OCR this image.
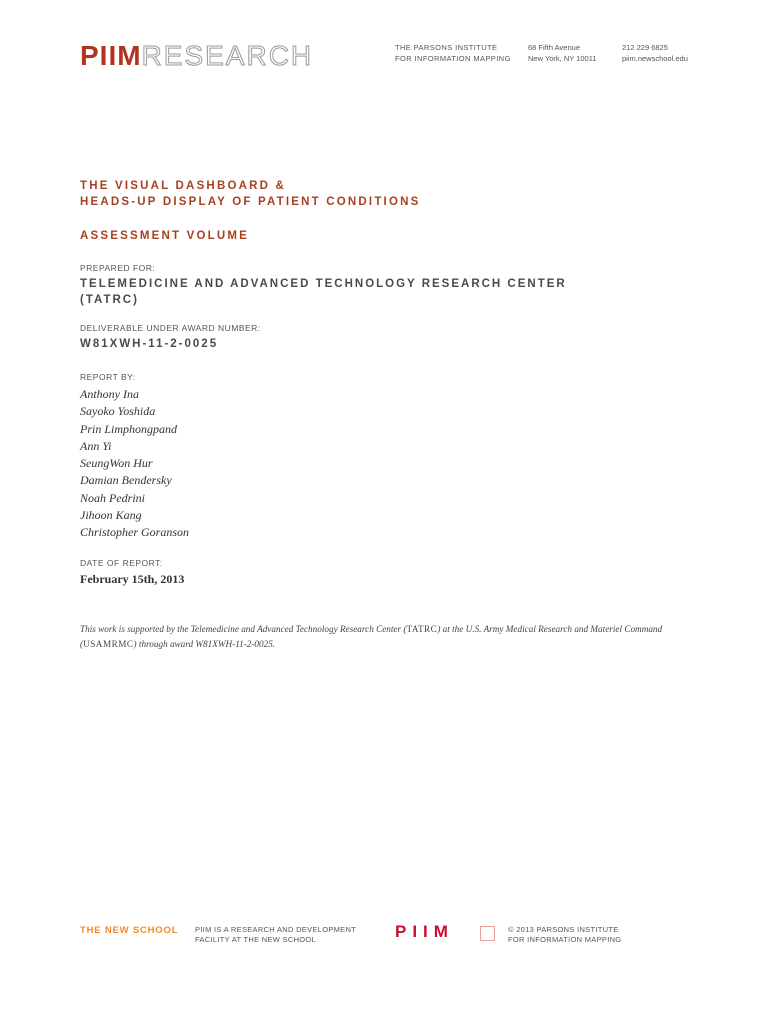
PIIMRESEARCH	THE PARSONS INSTITUTE
FOR INFORMATION MAPPING
68 Fifth Avenue
New York, NY 10011
212 229 6825
piim.newschool.edu
THE VISUAL DASHBOARD &
HEADS-UP DISPLAY OF PATIENT CONDITIONS
ASSESSMENT VOLUME
PREPARED FOR:
TELEMEDICINE AND ADVANCED TECHNOLOGY RESEARCH CENTER
(TATRC)
DELIVERABLE UNDER AWARD NUMBER:
W81XWH-11-2-0025
REPORT BY:
Anthony Ina
Sayoko Yoshida
Prin Limphongpand
Ann Yi
SeungWon Hur
Damian Bendersky
Noah Pedrini
Jihoon Kang
Christopher Goranson
DATE OF REPORT:
February 15th, 2013
This work is supported by the Telemedicine and Advanced Technology Research Center (TATRC) at the U.S. Army Medical Research and Materiel Command (USAMRMC) through award W81XWH-11-2-0025.
THE NEW SCHOOL PIIM IS A RESEARCH AND DEVELOPMENT
FACILITY AT THE NEW SCHOOL	PIIM	© 2013 PARSONS INSTITUTE
FOR INFORMATION MAPPING
